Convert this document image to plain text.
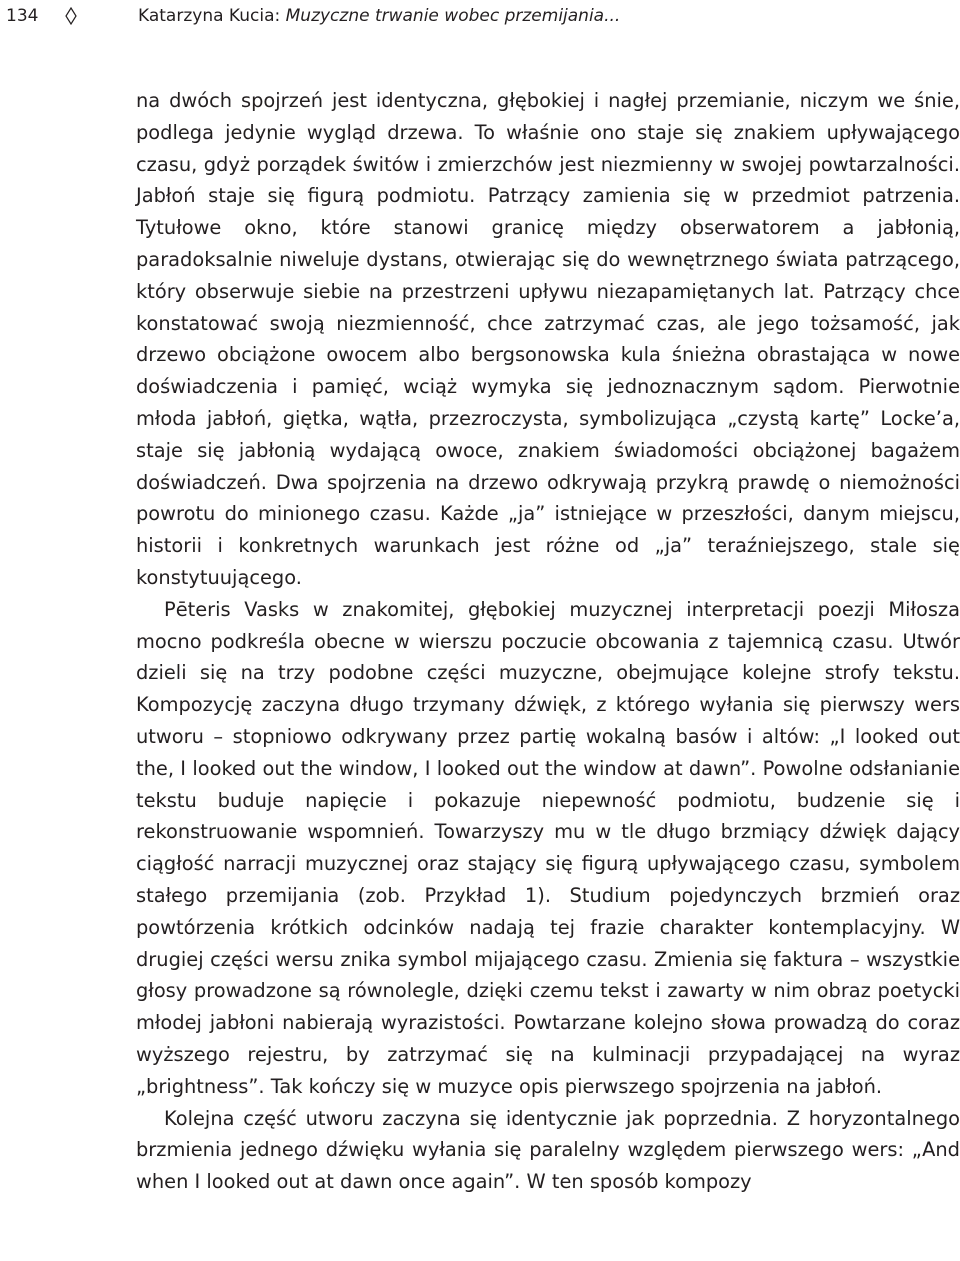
134	Katarzyna Kucia: Muzyczne trwanie wobec przemijania...

na dwóch spojrzeń jest identyczna, głębokiej i nagłej przemianie, niczym we śnie, podlega jedynie wygląd drzewa. To właśnie ono staje się znakiem upływającego czasu, gdyż porządek świtów i zmierzchów jest niezmienny w swojej powtarzalności. Jabłoń staje się figurą podmiotu. Patrzący zamienia się w przedmiot patrzenia. Tytułowe okno, które stanowi granicę między obserwatorem a jabłonią, paradoksalnie niweluje dystans, otwierając się do wewnętrznego świata patrzącego, który obserwuje siebie na przestrzeni upływu niezapamiętanych lat. Patrzący chce konstatować swoją niezmienność, chce zatrzymać czas, ale jego tożsamość, jak drzewo obciążone owocem albo bergsonowska kula śnieżna obrastająca w nowe doświadczenia i pamięć, wciąż wymyka się jednoznacznym sądom. Pierwotnie młoda jabłoń, giętka, wątła, przezroczysta, symbolizująca „czystą kartę” Locke’a, staje się jabłonią wydającą owoce, znakiem świadomości obciążonej bagażem doświadczeń. Dwa spojrzenia na drzewo odkrywają przykrą prawdę o niemożności powrotu do minionego czasu. Każde „ja” istniejące w przeszłości, danym miejscu, historii i konkretnych warunkach jest różne od „ja” teraźniejszego, stale się konstytuującego.

Pēteris Vasks w znakomitej, głębokiej muzycznej interpretacji poezji Miłosza mocno podkreśla obecne w wierszu poczucie obcowania z tajemnicą czasu. Utwór dzieli się na trzy podobne części muzyczne, obejmujące kolejne strofy tekstu. Kompozycję zaczyna długo trzymany dźwięk, z którego wyłania się pierwszy wers utworu – stopniowo odkrywany przez partię wokalną basów i altów: „I looked out the, I looked out the window, I looked out the window at dawn”. Powolne odsłanianie tekstu buduje napięcie i pokazuje niepewność podmiotu, budzenie się i rekonstruowanie wspomnień. Towarzyszy mu w tle długo brzmiący dźwięk dający ciągłość narracji muzycznej oraz stający się figurą upływającego czasu, symbolem stałego przemijania (zob. Przykład 1). Studium pojedynczych brzmień oraz powtórzenia krótkich odcinków nadają tej frazie charakter kontemplacyjny. W drugiej części wersu znika symbol mijającego czasu. Zmienia się faktura – wszystkie głosy prowadzone są równolegle, dzięki czemu tekst i zawarty w nim obraz poetycki młodej jabłoni nabierają wyrazistości. Powtarzane kolejno słowa prowadzą do coraz wyższego rejestru, by zatrzymać się na kulminacji przypadającej na wyraz „brightness”. Tak kończy się w muzyce opis pierwszego spojrzenia na jabłoń.

Kolejna część utworu zaczyna się identycznie jak poprzednia. Z horyzontalnego brzmienia jednego dźwięku wyłania się paralelny względem pierwszego wers: „And when I looked out at dawn once again”. W ten sposób kompozy
